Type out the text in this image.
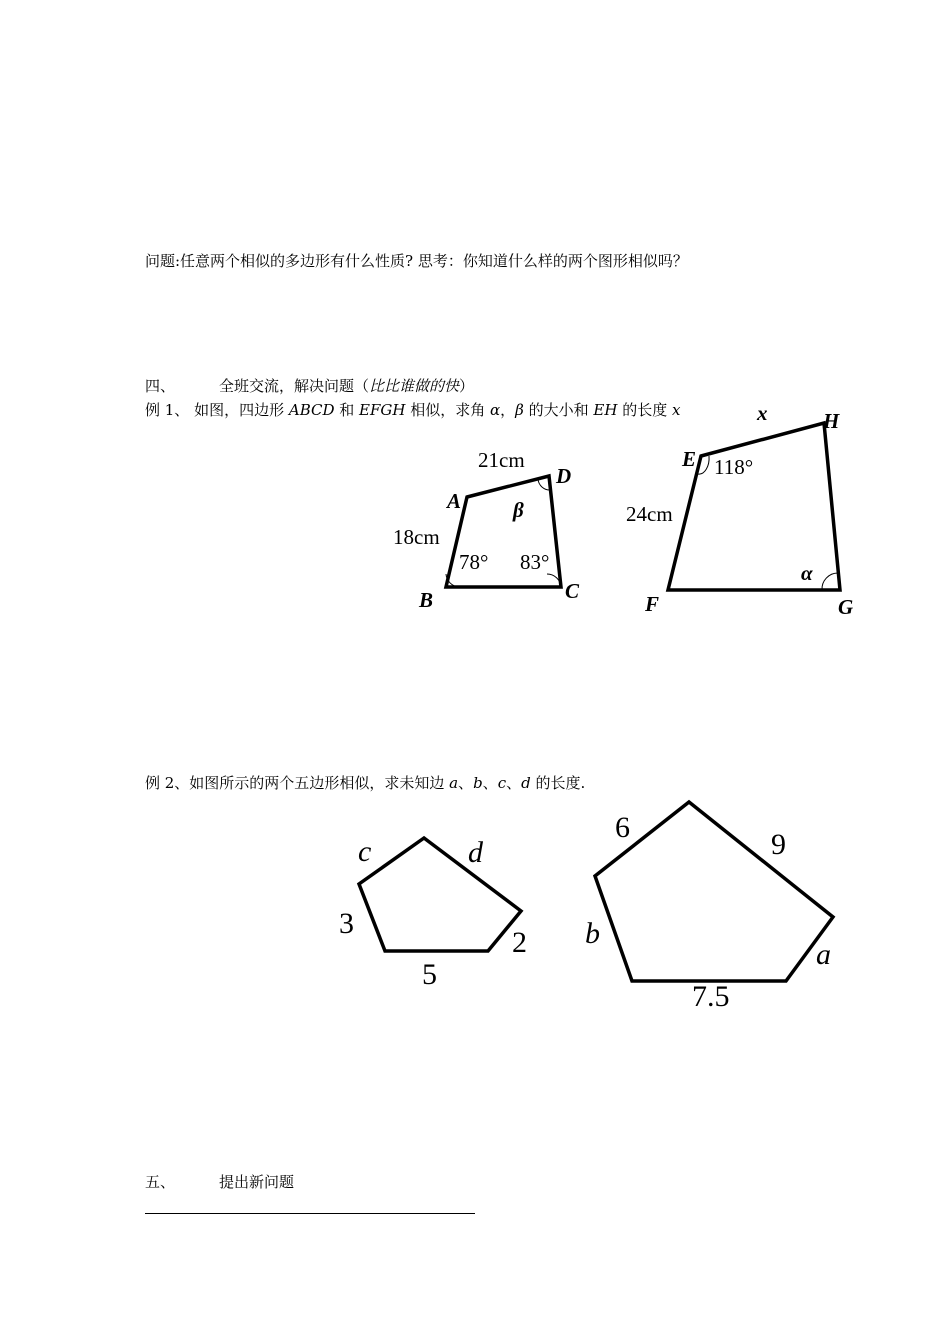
问题:任意两个相似的多边形有什么性质? 思考：你知道什么样的两个图形相似吗？
四、	全班交流，解决问题（比比谁做的快）
例 1、 如图，四边形 ABCD 和 EFGH 相似，求角 α，β 的大小和 EH 的长度 x
例 2、如图所示的两个五边形相似，求未知边 a、b、c、d 的长度.
五、	提出新问题
A
B	C
D
21cm
18cm
78° 83°
β
E
F	G
H
x
24cm
118°
α
c	d
3
2
5
6
9
b
a
7.5
